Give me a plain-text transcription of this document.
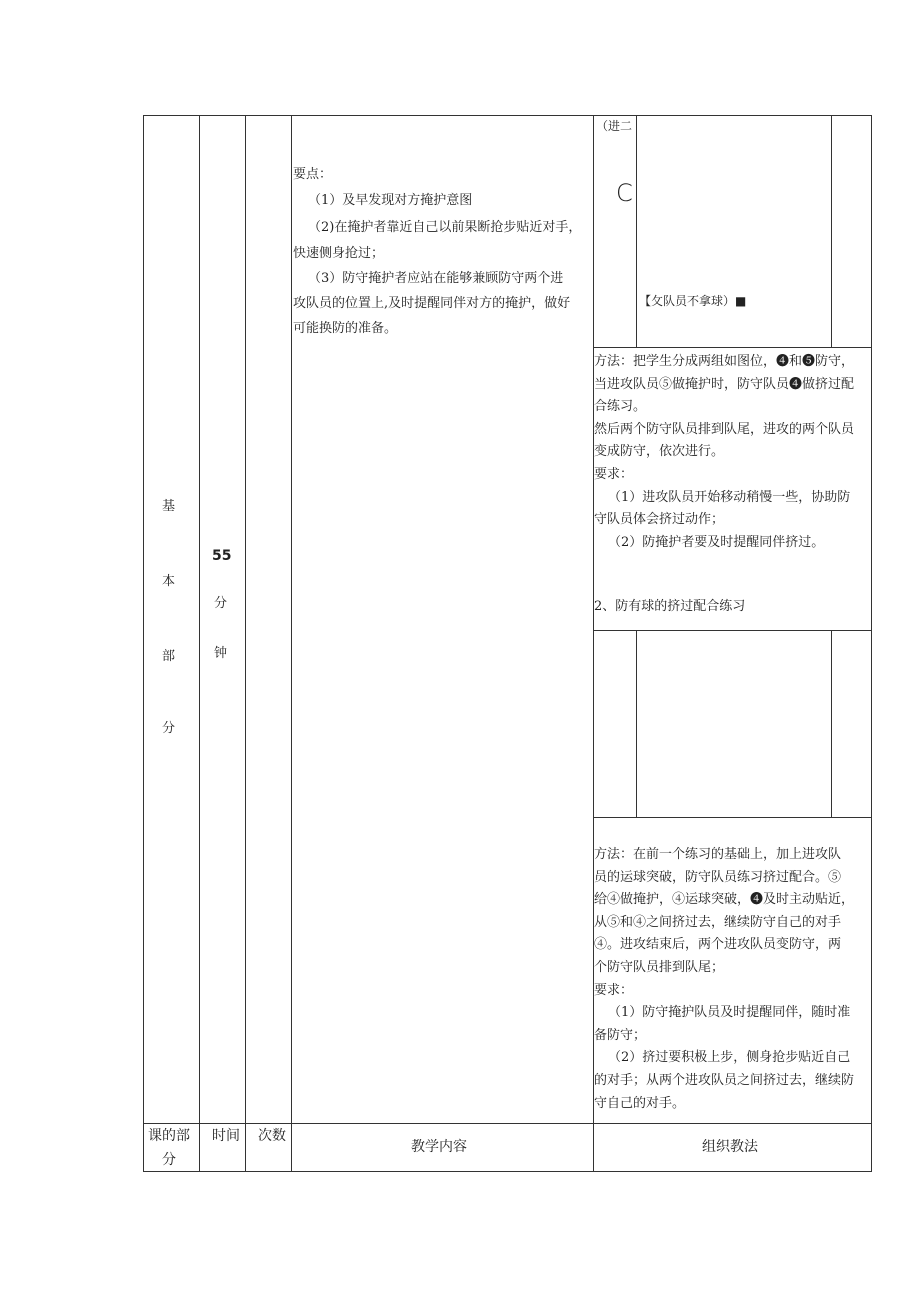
基
本
部
分
55
分
钟
要点：
（1）及早发现对方掩护意图
（2)在掩护者靠近自己以前果断抢步贴近对手，
快速侧身抢过；
（3）防守掩护者应站在能够兼顾防守两个进
攻队员的位置上,及时提醒同伴对方的掩护，做好
可能换防的准备。
（进二
C
【攵队员不拿球）■
方法：把学生分成两组如图位，❹和❺防守，
当进攻队员⑤做掩护时，防守队员❹做挤过配
合练习。
然后两个防守队员排到队尾，进攻的两个队员
变成防守，依次进行。
要求：
（1）进攻队员开始移动稍慢一些，协助防
守队员体会挤过动作；
（2）防掩护者要及时提醒同伴挤过。
2、防有球的挤过配合练习
方法：在前一个练习的基础上，加上进攻队
员的运球突破，防守队员练习挤过配合。⑤
给④做掩护，④运球突破，❹及时主动贴近，
从⑤和④之间挤过去，继续防守自己的对手
④。进攻结束后，两个进攻队员变防守，两
个防守队员排到队尾；
要求：
（1）防守掩护队员及时提醒同伴，随时准
备防守；
（2）挤过要积极上步，侧身抢步贴近自己
的对手；从两个进攻队员之间挤过去，继续防
守自己的对手。
课的部
分
时间 次数
教学内容	组织教法
